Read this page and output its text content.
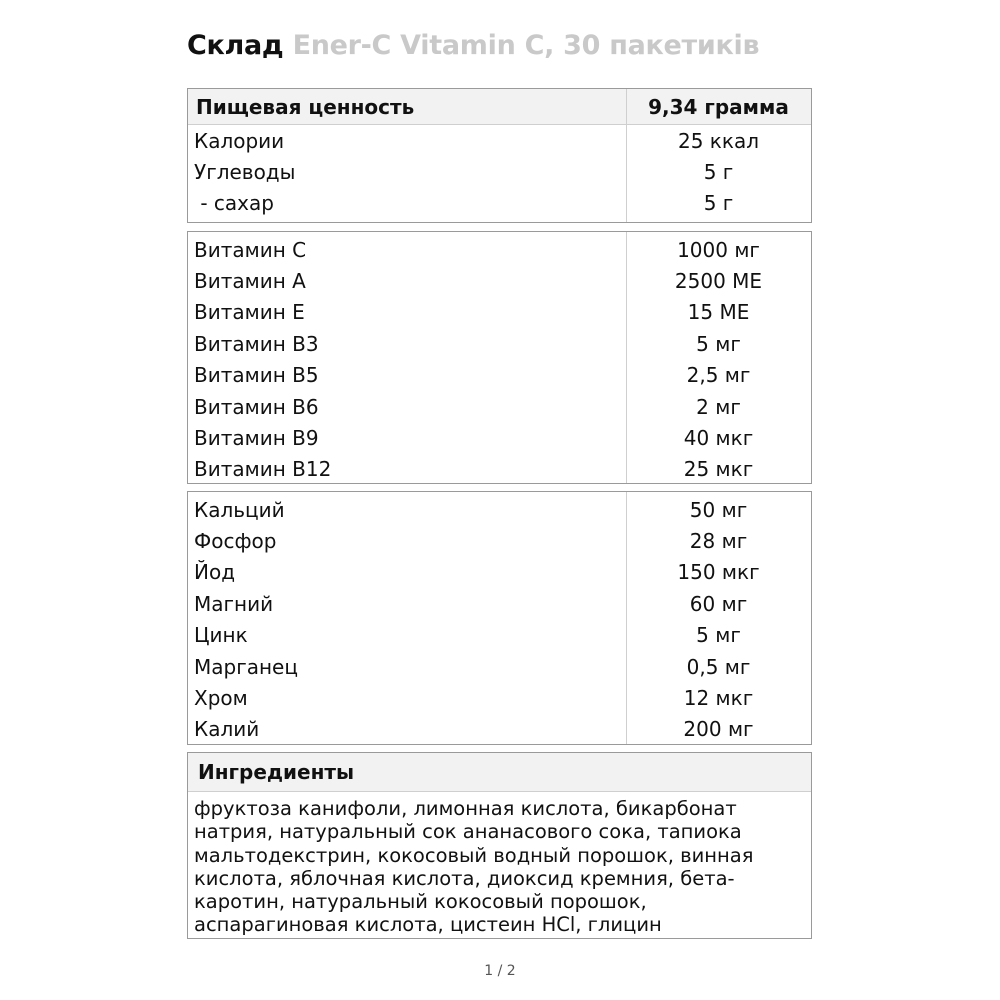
Склад Ener-C Vitamin C, 30 пакетиків
Пищевая ценность	9,34 грамма
Калории	25 ккал
Углеводы	5 г
- сахар	5 г
Витамин С	1000 мг
Витамин А	2500 МЕ
Витамин Е	15 МЕ
Витамин В3	5 мг
Витамин В5	2,5 мг
Витамин В6	2 мг
Витамин В9	40 мкг
Витамин В12	25 мкг
Кальций	50 мг
Фосфор	28 мг
Йод	150 мкг
Магний	60 мг
Цинк	5 мг
Марганец	0,5 мг
Хром	12 мкг
Калий	200 мг
Ингредиенты
фруктоза канифоли, лимонная кислота, бикарбонат
натрия, натуральный сок ананасового сока, тапиока
мальтодекстрин, кокосовый водный порошок, винная
кислота, яблочная кислота, диоксид кремния, бета-
каротин, натуральный кокосовый порошок,
аспарагиновая кислота, цистеин HCl, глицин
1 / 2
